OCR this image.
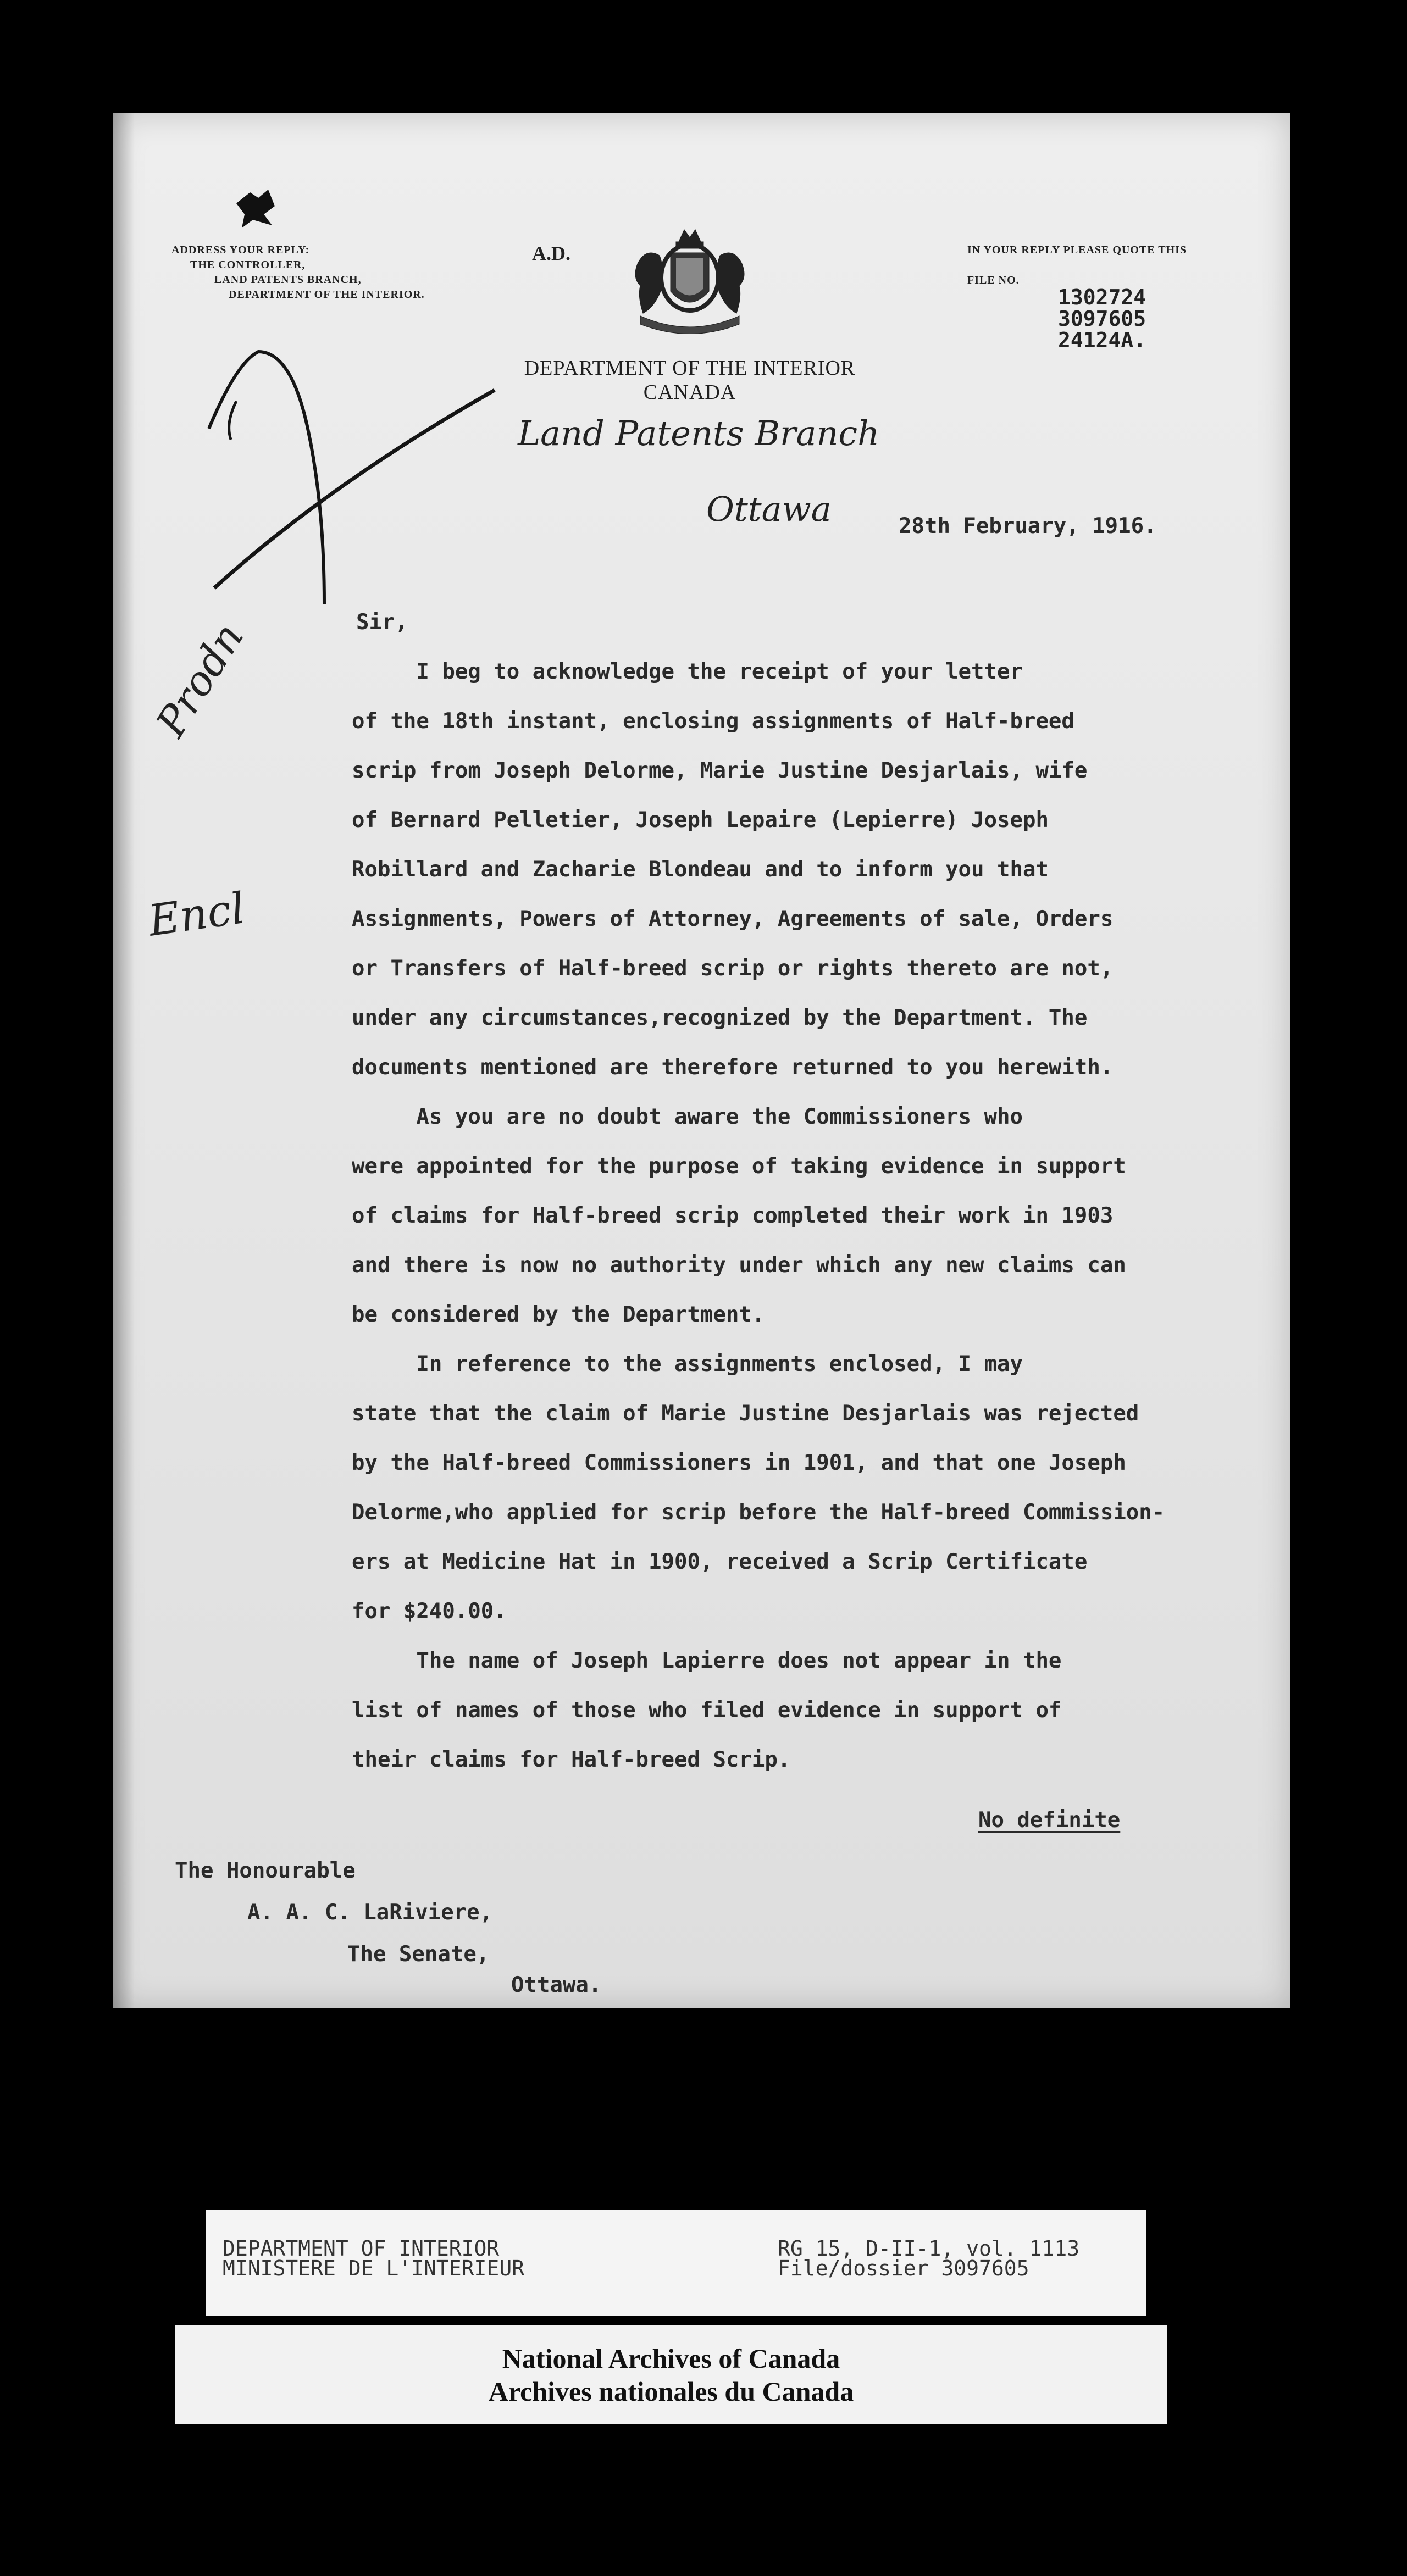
ADDRESS YOUR REPLY:
THE CONTROLLER,
LAND PATENTS BRANCH,
DEPARTMENT OF THE INTERIOR.
A.D.	IN YOUR REPLY PLEASE QUOTE THIS
FILE NO.
1302724
3097605
24124A.
DEPARTMENT OF THE INTERIOR
CANADA
Land Patents Branch
Ottawa	28th February, 1916.
Sir,
I beg to acknowledge the receipt of your letter
of the 18th instant, enclosing assignments of Half-breed
scrip from Joseph Delorme, Marie Justine Desjarlais, wife
of Bernard Pelletier, Joseph Lepaire (Lepierre) Joseph
Robillard and Zacharie Blondeau and to inform you that
Assignments, Powers of Attorney, Agreements of sale, Orders
or Transfers of Half-breed scrip or rights thereto are not,
under any circumstances,recognized by the Department. The
documents mentioned are therefore returned to you herewith.
As you are no doubt aware the Commissioners who
were appointed for the purpose of taking evidence in support
of claims for Half-breed scrip completed their work in 1903
and there is now no authority under which any new claims can
be considered by the Department.
In reference to the assignments enclosed, I may
state that the claim of Marie Justine Desjarlais was rejected
by the Half-breed Commissioners in 1901, and that one Joseph
Delorme,who applied for scrip before the Half-breed Commission-
ers at Medicine Hat in 1900, received a Scrip Certificate
for $240.00.
The name of Joseph Lapierre does not appear in the
list of names of those who filed evidence in support of
their claims for Half-breed Scrip.
No definite
The Honourable
A. A. C. LaRiviere,
The Senate,
Ottawa.
Prodn
Encl
DEPARTMENT OF INTERIOR
MINISTERE DE L'INTERIEUR
RG 15, D-II-1, vol. 1113
File/dossier 3097605
National Archives of Canada
Archives nationales du Canada
